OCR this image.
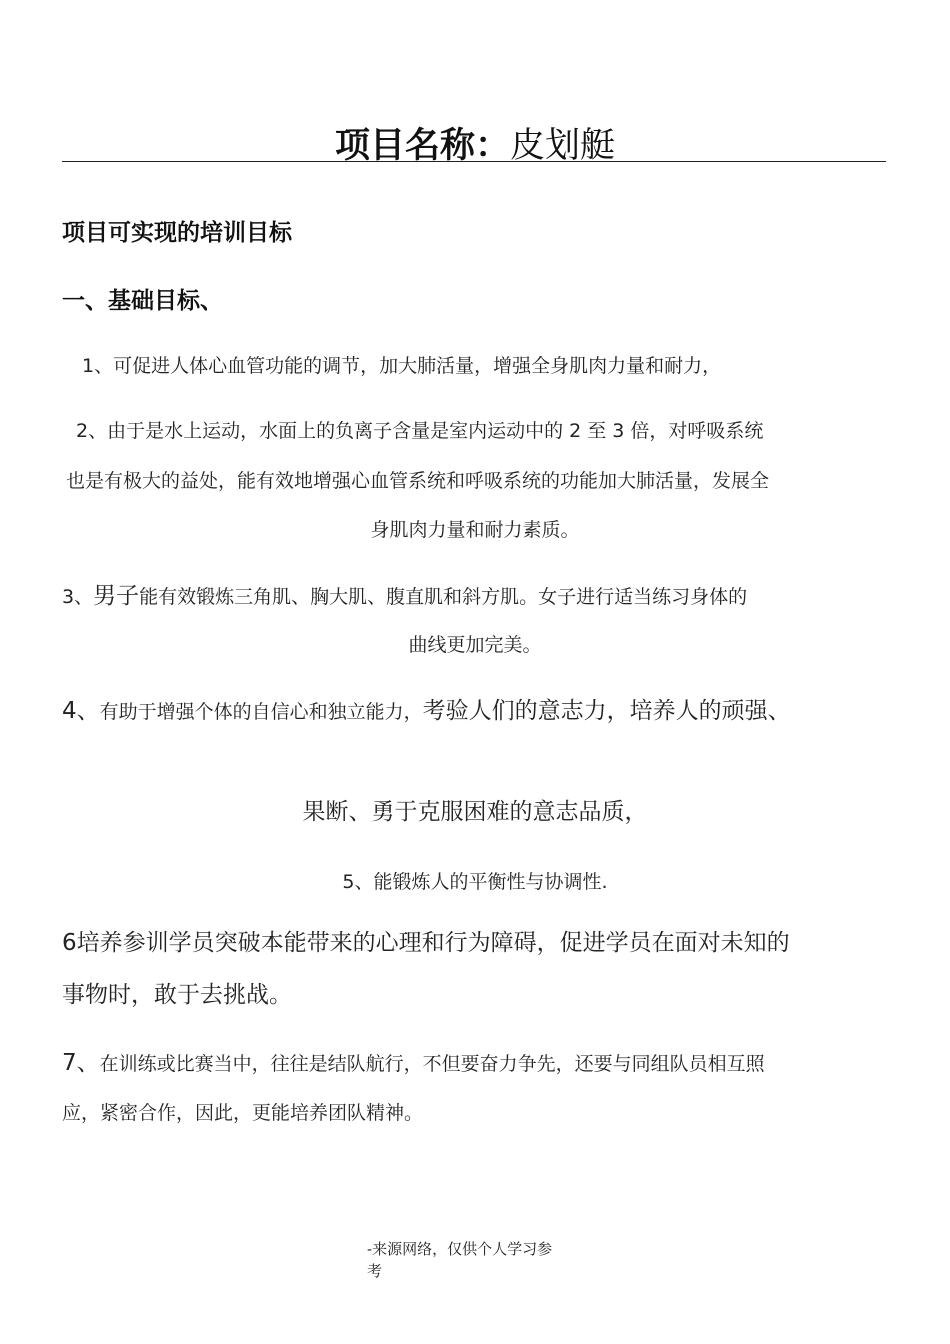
项目名称：皮划艇
项目可实现的培训目标
一、基础目标、

1、可促进人体心血管功能的调节，加大肺活量，增强全身肌肉力量和耐力，

2、由于是水上运动，水面上的负离子含量是室内运动中的 2 至 3 倍，对呼吸系统

也是有极大的益处，能有效地增强心血管系统和呼吸系统的功能加大肺活量，发展全

身肌肉力量和耐力素质。

3、男子能有效锻炼三角肌、胸大肌、腹直肌和斜方肌。女子进行适当练习身体的

曲线更加完美。

4、有助于增强个体的自信心和独立能力，考验人们的意志力，培养人的顽强、

果断、勇于克服困难的意志品质，

5、能锻炼人的平衡性与协调性.

6培养参训学员突破本能带来的心理和行为障碍，促进学员在面对未知的

事物时，敢于去挑战。

7、在训练或比赛当中，往往是结队航行，不但要奋力争先，还要与同组队员相互照

应，紧密合作，因此，更能培养团队精神。

-来源网络，仅供个人学习参
考
